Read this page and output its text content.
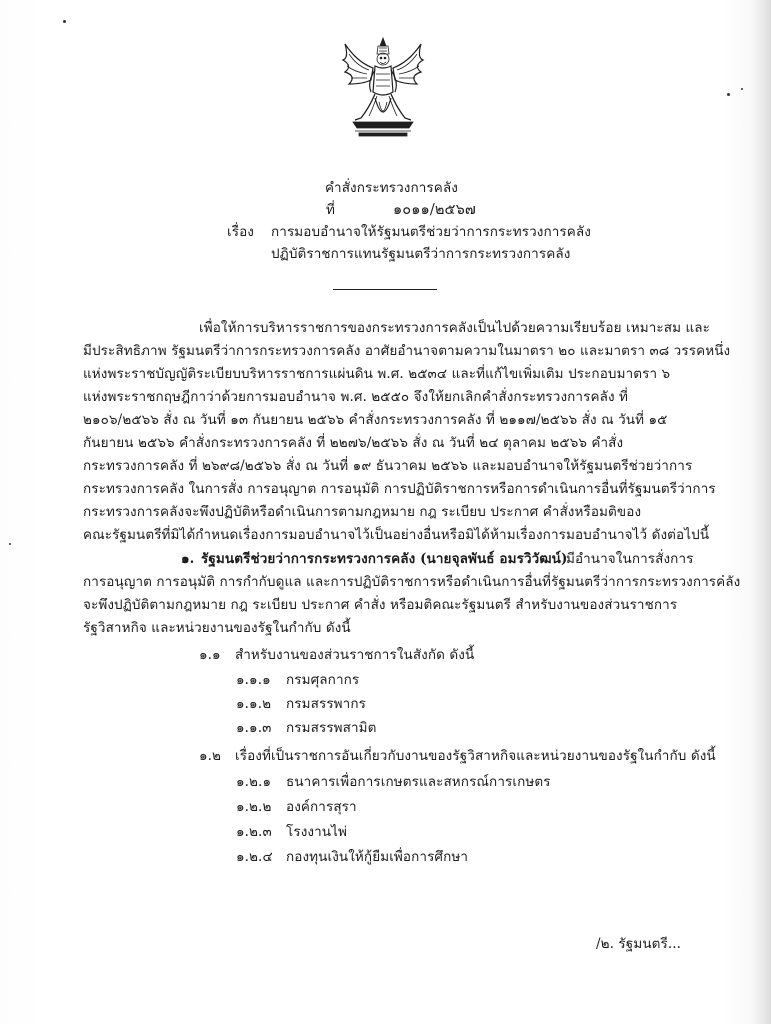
คำสั่งกระทรวงการคลัง
ที่	๑๐๑๑/๒๕๖๗
เรื่อง การมอบอำนาจให้รัฐมนตรีช่วยว่าการกระทรวงการคลัง
ปฏิบัติราชการแทนรัฐมนตรีว่าการกระทรวงการคลัง
เพื่อให้การบริหารราชการของกระทรวงการคลังเป็นไปด้วยความเรียบร้อย เหมาะสม และ
มีประสิทธิภาพ รัฐมนตรีว่าการกระทรวงการคลัง อาศัยอำนาจตามความในมาตรา ๒๐ และมาตรา ๓๘ วรรคหนึ่ง
แห่งพระราชบัญญัติระเบียบบริหารราชการแผ่นดิน พ.ศ. ๒๕๓๔ และที่แก้ไขเพิ่มเติม ประกอบมาตรา ๖
แห่งพระราชกฤษฎีกาว่าด้วยการมอบอำนาจ พ.ศ. ๒๕๕๐ จึงให้ยกเลิกคำสั่งกระทรวงการคลัง ที่
๒๑๐๖/๒๕๖๖ สั่ง ณ วันที่ ๑๓ กันยายน ๒๕๖๖ คำสั่งกระทรวงการคลัง ที่ ๒๑๑๗/๒๕๖๖ สั่ง ณ วันที่ ๑๕
กันยายน ๒๕๖๖ คำสั่งกระทรวงการคลัง ที่ ๒๒๗๖/๒๕๖๖ สั่ง ณ วันที่ ๒๔ ตุลาคม ๒๕๖๖ คำสั่ง
กระทรวงการคลัง ที่ ๒๖๙๘/๒๕๖๖ สั่ง ณ วันที่ ๑๙ ธันวาคม ๒๕๖๖ และมอบอำนาจให้รัฐมนตรีช่วยว่าการ
กระทรวงการคลัง ในการสั่ง การอนุญาต การอนุมัติ การปฏิบัติราชการหรือการดำเนินการอื่นที่รัฐมนตรีว่าการ
กระทรวงการคลังจะพึงปฏิบัติหรือดำเนินการตามกฎหมาย กฎ ระเบียบ ประกาศ คำสั่งหรือมติของ
คณะรัฐมนตรีที่มิได้กำหนดเรื่องการมอบอำนาจไว้เป็นอย่างอื่นหรือมิได้ห้ามเรื่องการมอบอำนาจไว้ ดังต่อไปนี้
๑. รัฐมนตรีช่วยว่าการกระทรวงการคลัง (นายจุลพันธ์ อมรวิวัฒน์)
มีอำนาจในการสั่งการ
การอนุญาต การอนุมัติ การกำกับดูแล และการปฏิบัติราชการหรือดำเนินการอื่นที่รัฐมนตรีว่าการกระทรวงการคลัง
จะพึงปฏิบัติตามกฎหมาย กฎ ระเบียบ ประกาศ คำสั่ง หรือมติคณะรัฐมนตรี สำหรับงานของส่วนราชการ
รัฐวิสาหกิจ และหน่วยงานของรัฐในกำกับ ดังนี้
๑.๑ สำหรับงานของส่วนราชการในสังกัด ดังนี้
๑.๑.๑ กรมศุลกากร
๑.๑.๒ กรมสรรพากร
๑.๑.๓ กรมสรรพสามิต
๑.๒ เรื่องที่เป็นราชการอันเกี่ยวกับงานของรัฐวิสาหกิจและหน่วยงานของรัฐในกำกับ ดังนี้
๑.๒.๑ ธนาคารเพื่อการเกษตรและสหกรณ์การเกษตร
๑.๒.๒ องค์การสุรา
๑.๒.๓ โรงงานไพ่
๑.๒.๔ กองทุนเงินให้กู้ยืมเพื่อการศึกษา
/๒. รัฐมนตรี...
